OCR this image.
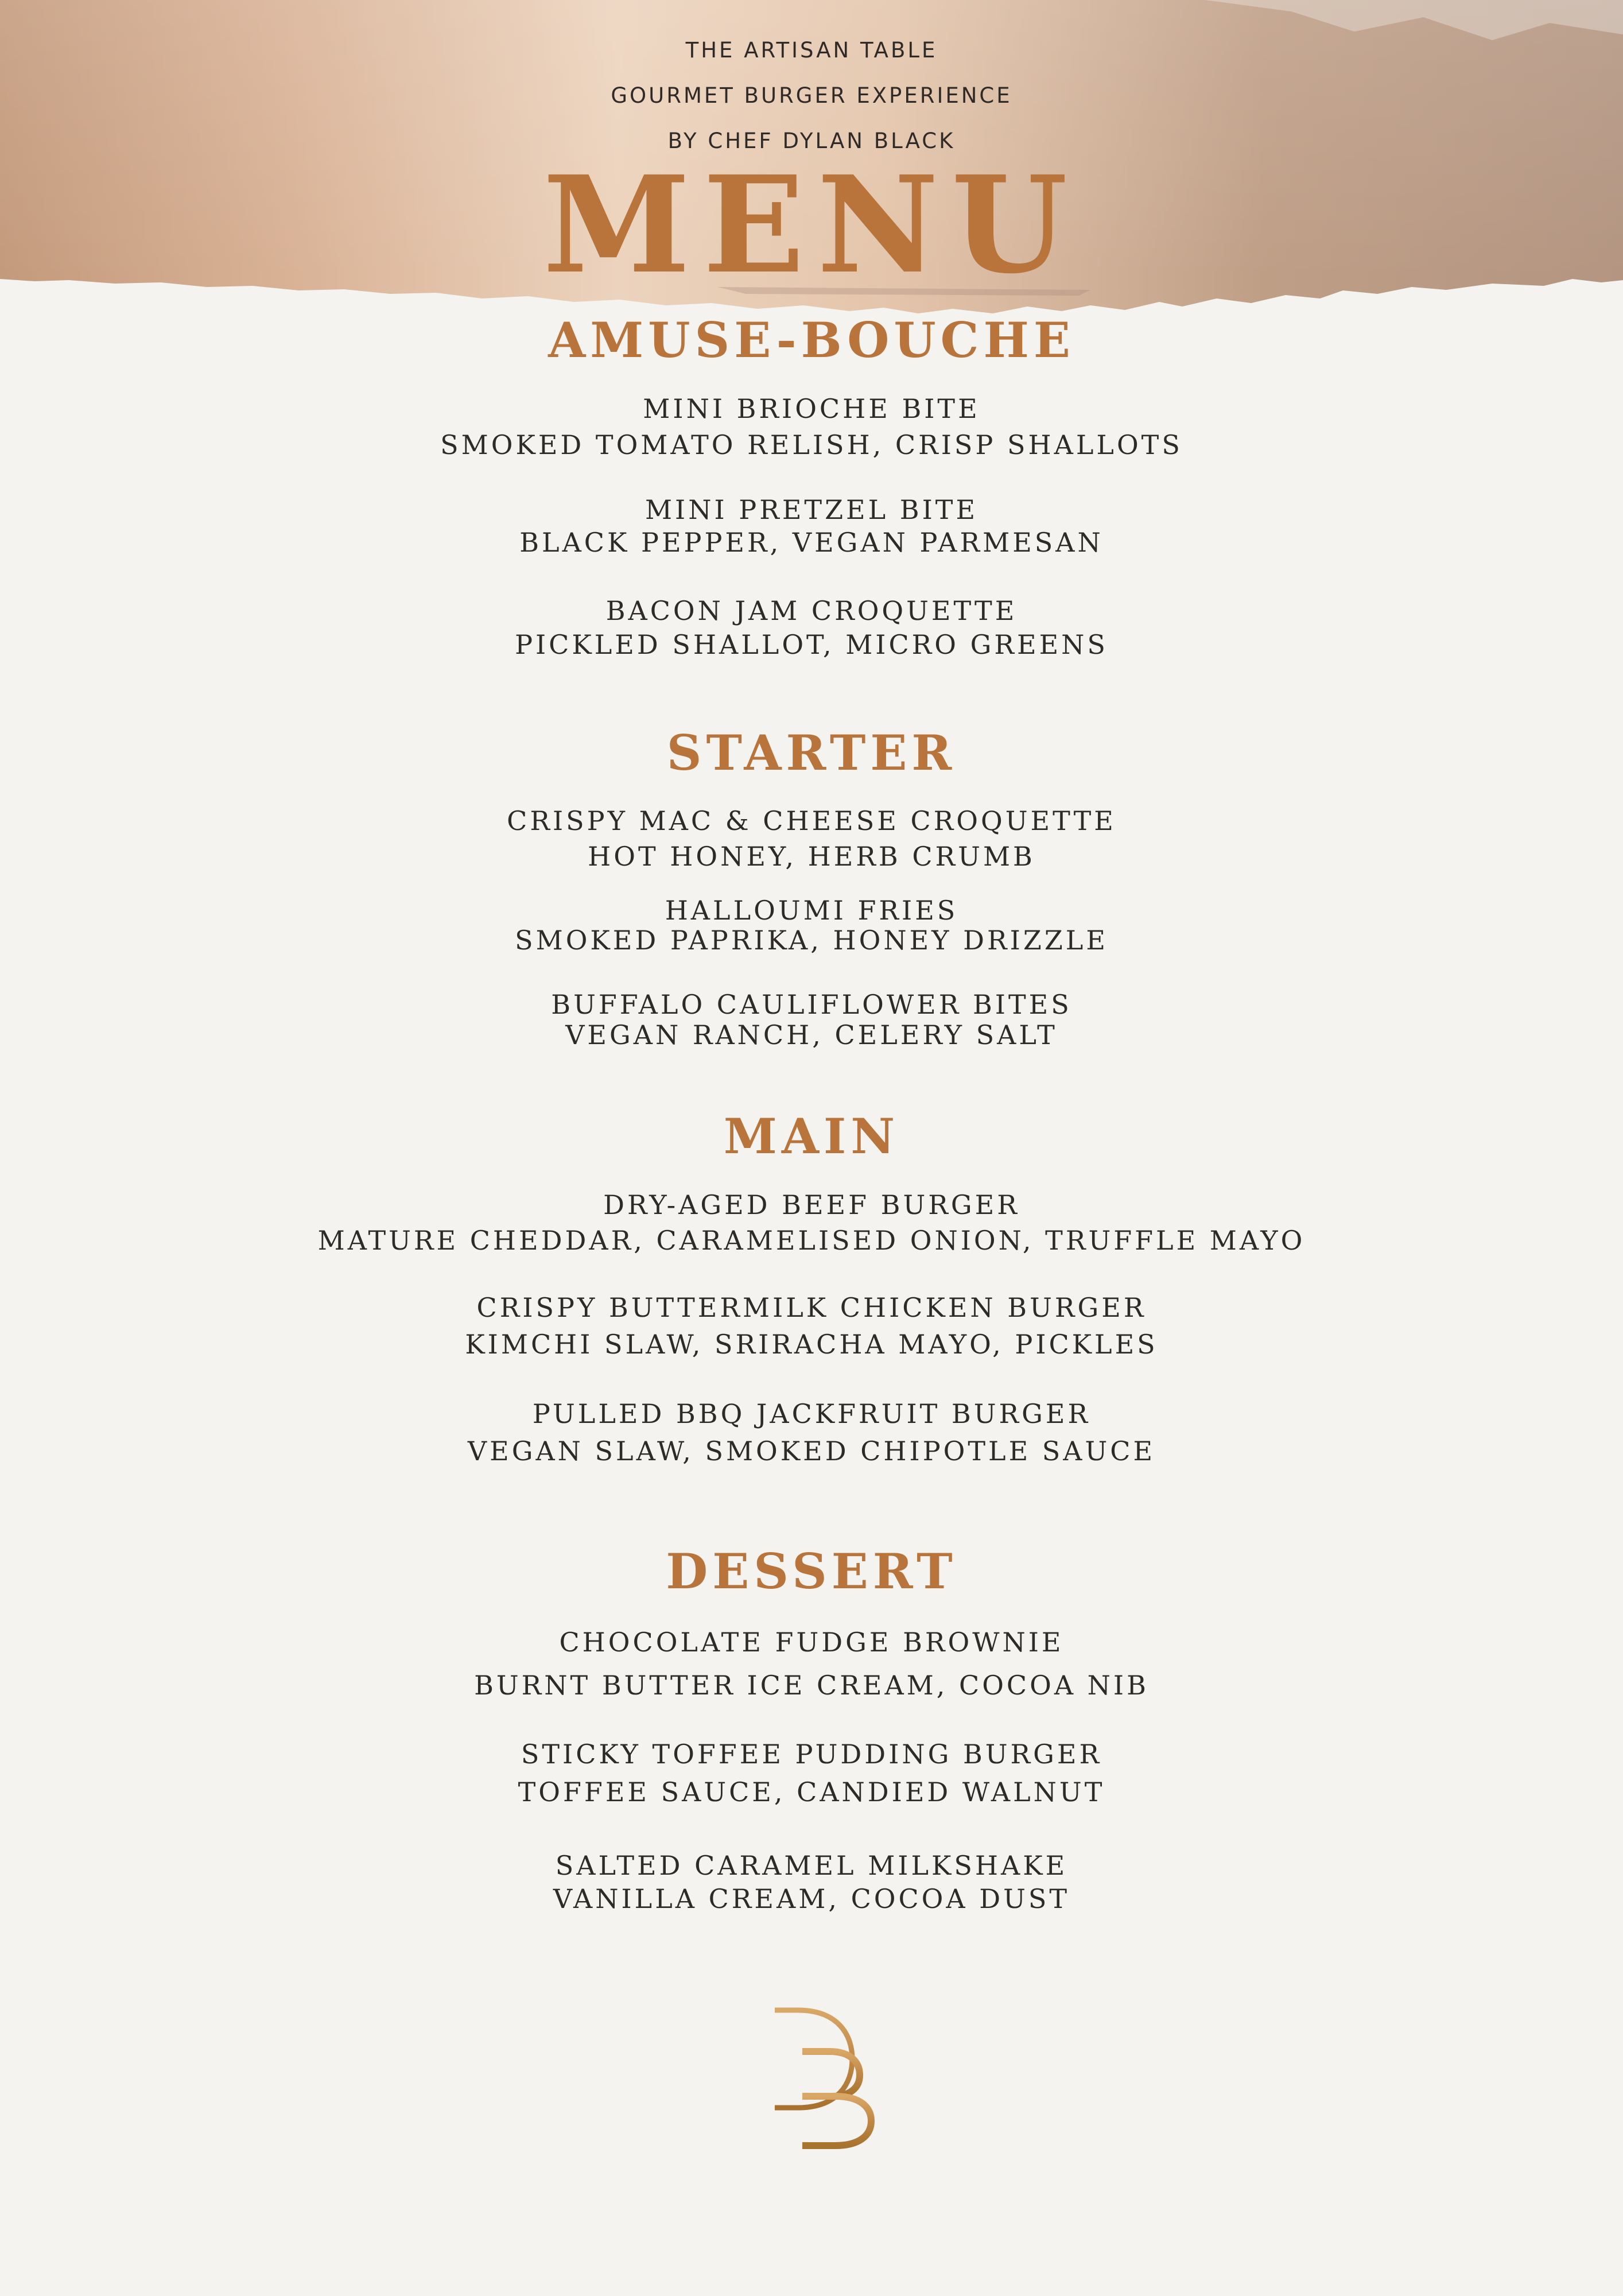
THE ARTISAN TABLE
GOURMET BURGER EXPERIENCE
BY CHEF DYLAN BLACK
MENU
AMUSE-BOUCHE
MINI BRIOCHE BITE
SMOKED TOMATO RELISH, CRISP SHALLOTS
MINI PRETZEL BITE
BLACK PEPPER, VEGAN PARMESAN
BACON JAM CROQUETTE
PICKLED SHALLOT, MICRO GREENS
STARTER
CRISPY MAC & CHEESE CROQUETTE
HOT HONEY, HERB CRUMB
HALLOUMI FRIES
SMOKED PAPRIKA, HONEY DRIZZLE
BUFFALO CAULIFLOWER BITES
VEGAN RANCH, CELERY SALT
MAIN
DRY-AGED BEEF BURGER
MATURE CHEDDAR, CARAMELISED ONION, TRUFFLE MAYO
CRISPY BUTTERMILK CHICKEN BURGER
KIMCHI SLAW, SRIRACHA MAYO, PICKLES
PULLED BBQ JACKFRUIT BURGER
VEGAN SLAW, SMOKED CHIPOTLE SAUCE
DESSERT
CHOCOLATE FUDGE BROWNIE
BURNT BUTTER ICE CREAM, COCOA NIB
STICKY TOFFEE PUDDING BURGER
TOFFEE SAUCE, CANDIED WALNUT
SALTED CARAMEL MILKSHAKE
VANILLA CREAM, COCOA DUST
